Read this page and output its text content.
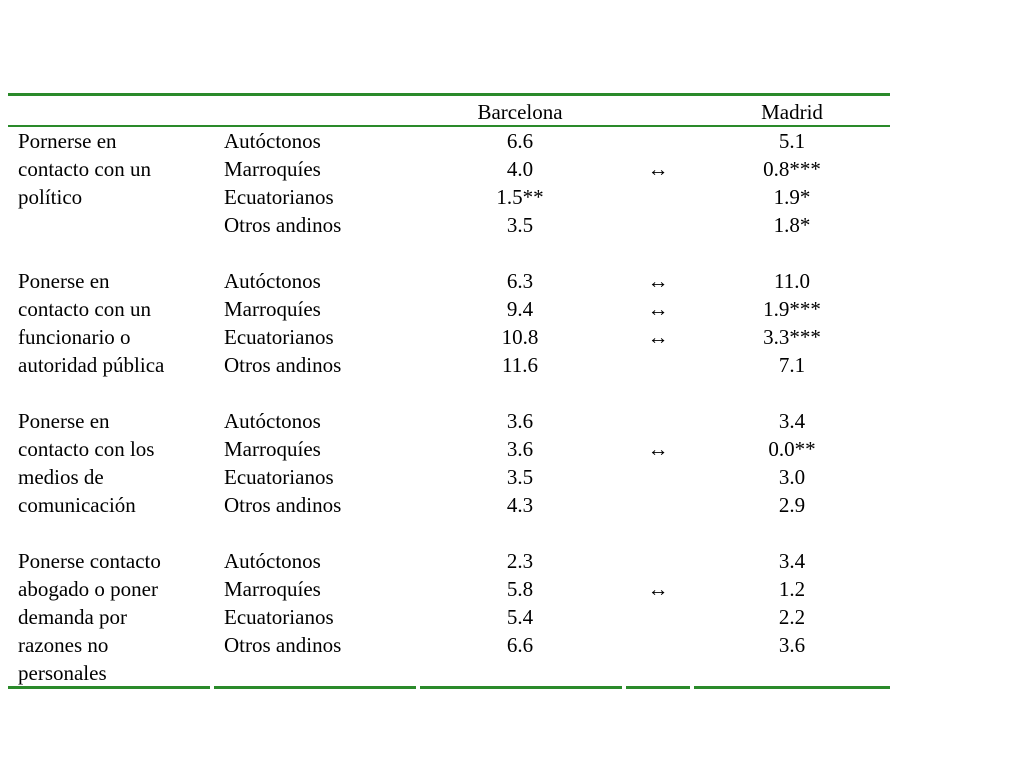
Barcelona	Madrid
Pornerse en
contacto con un
político
Autóctonos	6.6	5.1
Marroquíes	4.0	↔	0.8***
Ecuatorianos	1.5**	1.9*
Otros andinos	3.5	1.8*
Ponerse en
contacto con un
funcionario o
autoridad pública
Autóctonos	6.3	↔	11.0
Marroquíes	9.4	↔	1.9***
Ecuatorianos	10.8	↔	3.3***
Otros andinos	11.6	7.1
Ponerse en
contacto con los
medios de
comunicación
Autóctonos	3.6	3.4
Marroquíes	3.6	↔	0.0**
Ecuatorianos	3.5	3.0
Otros andinos	4.3	2.9
Ponerse contacto
abogado o poner
demanda por
razones no
personales
Autóctonos	2.3	3.4
Marroquíes	5.8	↔	1.2
Ecuatorianos	5.4	2.2
Otros andinos	6.6	3.6
